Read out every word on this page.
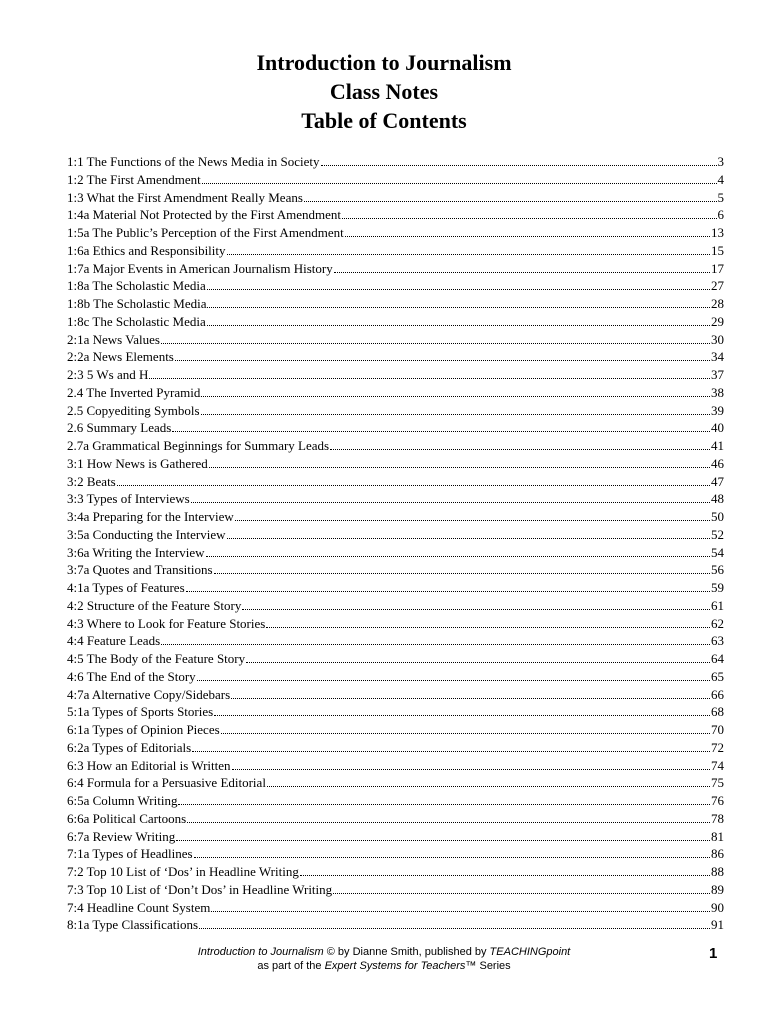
Introduction to Journalism
Class Notes
Table of Contents
1:1 The Functions of the News Media in Society	3
1:2 The First Amendment	4
1:3 What the First Amendment Really Means	5
1:4a Material Not Protected by the First Amendment	6
1:5a The Public’s Perception of the First Amendment	13
1:6a Ethics and Responsibility	15
1:7a Major Events in American Journalism History	17
1:8a The Scholastic Media	27
1:8b The Scholastic Media	28
1:8c The Scholastic Media	29
2:1a News Values	30
2:2a News Elements	34
2:3 5 Ws and H	37
2.4 The Inverted Pyramid	38
2.5 Copyediting Symbols	39
2.6 Summary Leads	40
2.7a Grammatical Beginnings for Summary Leads	41
3:1 How News is Gathered	46
3:2 Beats	47
3:3 Types of Interviews	48
3:4a Preparing for the Interview	50
3:5a Conducting the Interview	52
3:6a Writing the Interview	54
3:7a Quotes and Transitions	56
4:1a Types of Features	59
4:2 Structure of the Feature Story	61
4:3 Where to Look for Feature Stories	62
4:4 Feature Leads	63
4:5 The Body of the Feature Story	64
4:6 The End of the Story	65
4:7a Alternative Copy/Sidebars	66
5:1a Types of Sports Stories	68
6:1a Types of Opinion Pieces	70
6:2a Types of Editorials	72
6:3 How an Editorial is Written	74
6:4 Formula for a Persuasive Editorial	75
6:5a Column Writing	76
6:6a Political Cartoons	78
6:7a Review Writing	81
7:1a Types of Headlines	86
7:2 Top 10 List of ‘Dos’ in Headline Writing	88
7:3 Top 10 List of ‘Don’t Dos’ in Headline Writing	89
7:4 Headline Count System	90
8:1a Type Classifications	91
Introduction to Journalism © by Dianne Smith, published by TEACHINGpoint
as part of the Expert Systems for Teachers™ Series
1
